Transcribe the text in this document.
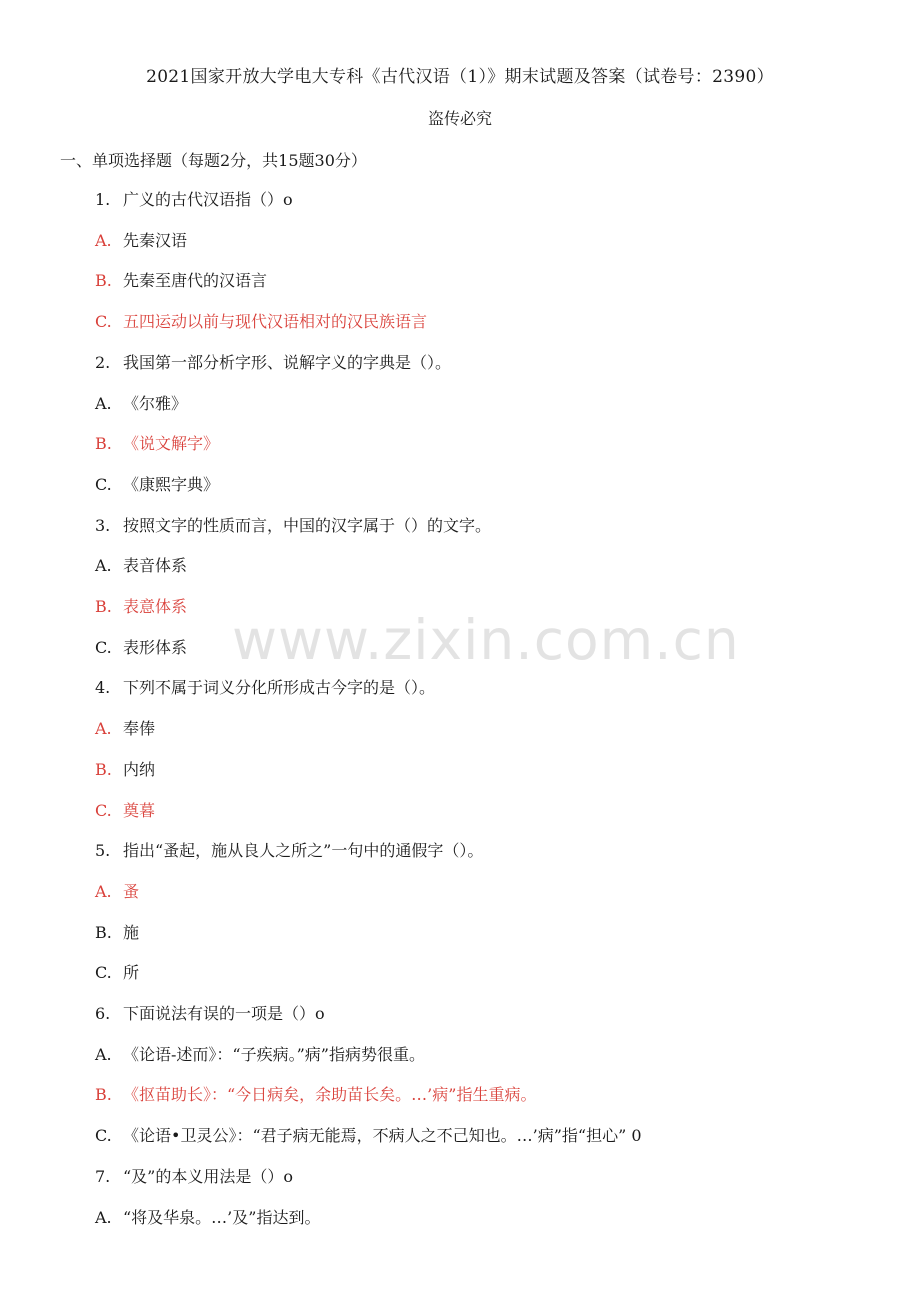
2021国家开放大学电大专科《古代汉语（1）》期末试题及答案（试卷号：2390）
盗传必究
一、单项选择题（每题2分，共15题30分）
1. 广义的古代汉语指（）o
A. 先秦汉语
B. 先秦至唐代的汉语言
C. 五四运动以前与现代汉语相对的汉民族语言
2. 我国第一部分析字形、说解字义的字典是（）。
A. 《尔雅》
B. 《说文解字》
C. 《康熙字典》
3. 按照文字的性质而言，中国的汉字属于（）的文字。
A. 表音体系
B. 表意体系
C. 表形体系
4. 下列不属于词义分化所形成古今字的是（）。
A. 奉俸
B. 内纳
C. 奠暮
5. 指出“蚤起，施从良人之所之”一句中的通假字（）。
A. 蚤
B. 施
C. 所
6. 下面说法有误的一项是（）o
A. 《论语-述而》：“子疾病。”病”指病势很重。
B. 《抠苗助长》：“今日病矣，余助苗长矣。…’病”指生重病。
C. 《论语•卫灵公》：“君子病无能焉，不病人之不己知也。…’病”指“担心” 0
7. “及”的本义用法是（）o
A. “将及华泉。…’及”指达到。
www.zixin.com.cn
